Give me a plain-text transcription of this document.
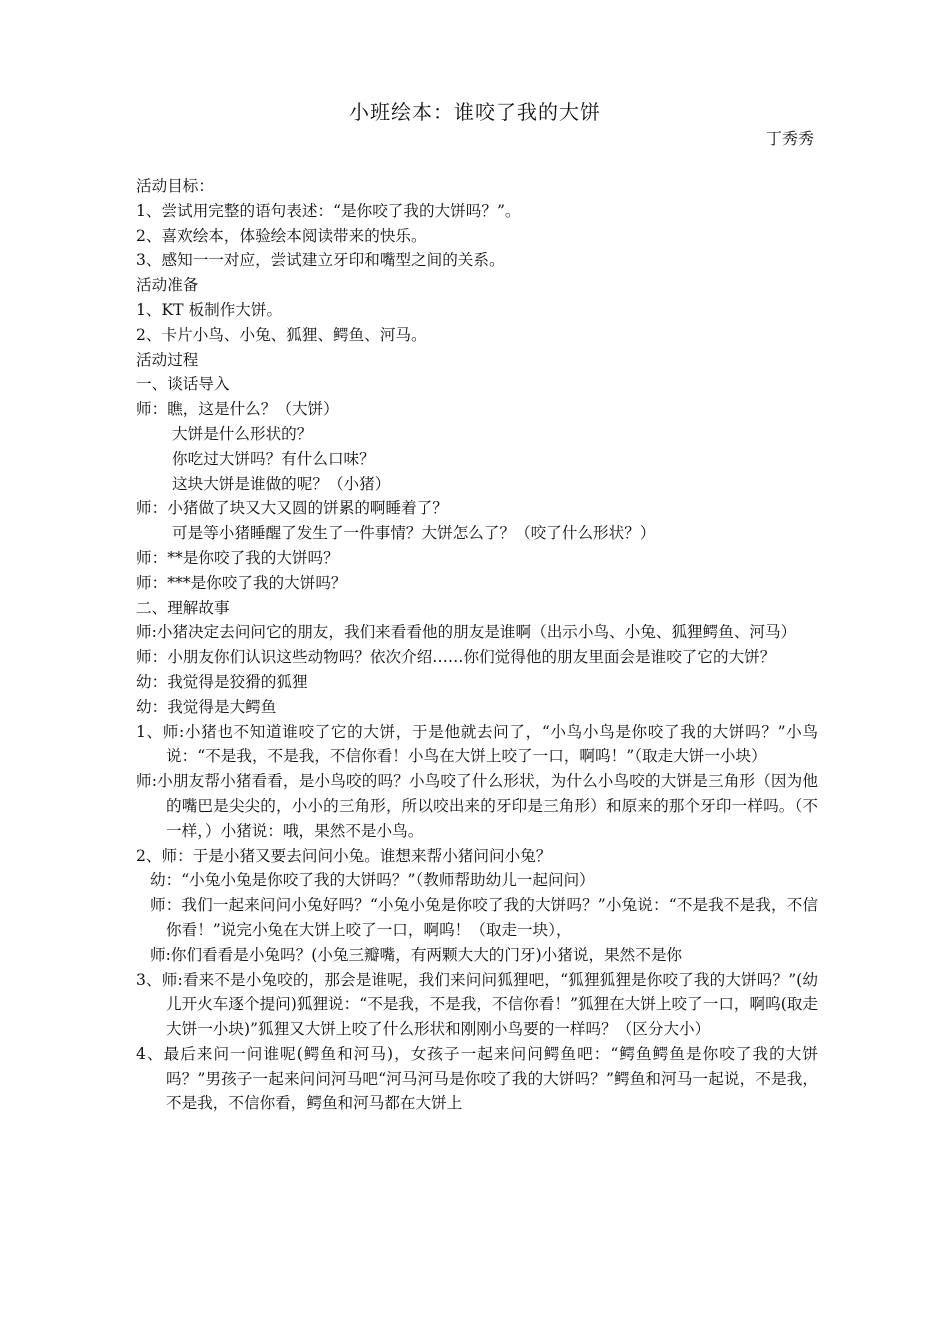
小班绘本：谁咬了我的大饼
丁秀秀
活动目标：
1、尝试用完整的语句表述：“是你咬了我的大饼吗？”。
2、喜欢绘本，体验绘本阅读带来的快乐。
3、感知一一对应，尝试建立牙印和嘴型之间的关系。
活动准备
1、KT 板制作大饼。
2、卡片小鸟、小兔、狐狸、鳄鱼、河马。
活动过程
一、谈话导入
师：瞧，这是什么？（大饼）
大饼是什么形状的？
你吃过大饼吗？有什么口味？
这块大饼是谁做的呢？（小猪）
师：小猪做了块又大又圆的饼累的啊睡着了？
可是等小猪睡醒了发生了一件事情？大饼怎么了？（咬了什么形状？）
师：**是你咬了我的大饼吗？
师：***是你咬了我的大饼吗？
二、理解故事
师:小猪决定去问问它的朋友，我们来看看他的朋友是谁啊（出示小鸟、小兔、狐狸鳄鱼、河马）
师：小朋友你们认识这些动物吗？依次介绍……你们觉得他的朋友里面会是谁咬了它的大饼？
幼：我觉得是狡猾的狐狸
幼：我觉得是大鳄鱼
1、师:小猪也不知道谁咬了它的大饼，于是他就去问了，“小鸟小鸟是你咬了我的大饼吗？”小鸟说：“不是我，不是我，不信你看！小鸟在大饼上咬了一口，啊呜！”（取走大饼一小块）
师:小朋友帮小猪看看，是小鸟咬的吗？小鸟咬了什么形状，为什么小鸟咬的大饼是三角形（因为他的嘴巴是尖尖的，小小的三角形，所以咬出来的牙印是三角形）和原来的那个牙印一样吗。（不一样，）小猪说：哦，果然不是小鸟。
2、师：于是小猪又要去问问小兔。谁想来帮小猪问问小兔？
幼：“小兔小兔是你咬了我的大饼吗？”（教师帮助幼儿一起问问）
师：我们一起来问问小兔好吗？“小兔小兔是你咬了我的大饼吗？”小兔说：“不是我不是我，不信你看！”说完小兔在大饼上咬了一口，啊呜！（取走一块），
师:你们看看是小兔吗？(小兔三瓣嘴，有两颗大大的门牙)小猪说，果然不是你
3、师:看来不是小兔咬的，那会是谁呢，我们来问问狐狸吧，“狐狸狐狸是你咬了我的大饼吗？”(幼儿开火车逐个提问)狐狸说：“不是我，不是我，不信你看！”狐狸在大饼上咬了一口，啊呜(取走大饼一小块)”狐狸又大饼上咬了什么形状和刚刚小鸟要的一样吗？（区分大小）
4、最后来问一问谁呢(鳄鱼和河马)，女孩子一起来问问鳄鱼吧：“鳄鱼鳄鱼是你咬了我的大饼吗？”男孩子一起来问问河马吧“河马河马是你咬了我的大饼吗？”鳄鱼和河马一起说，不是我，不是我，不信你看，鳄鱼和河马都在大饼上
